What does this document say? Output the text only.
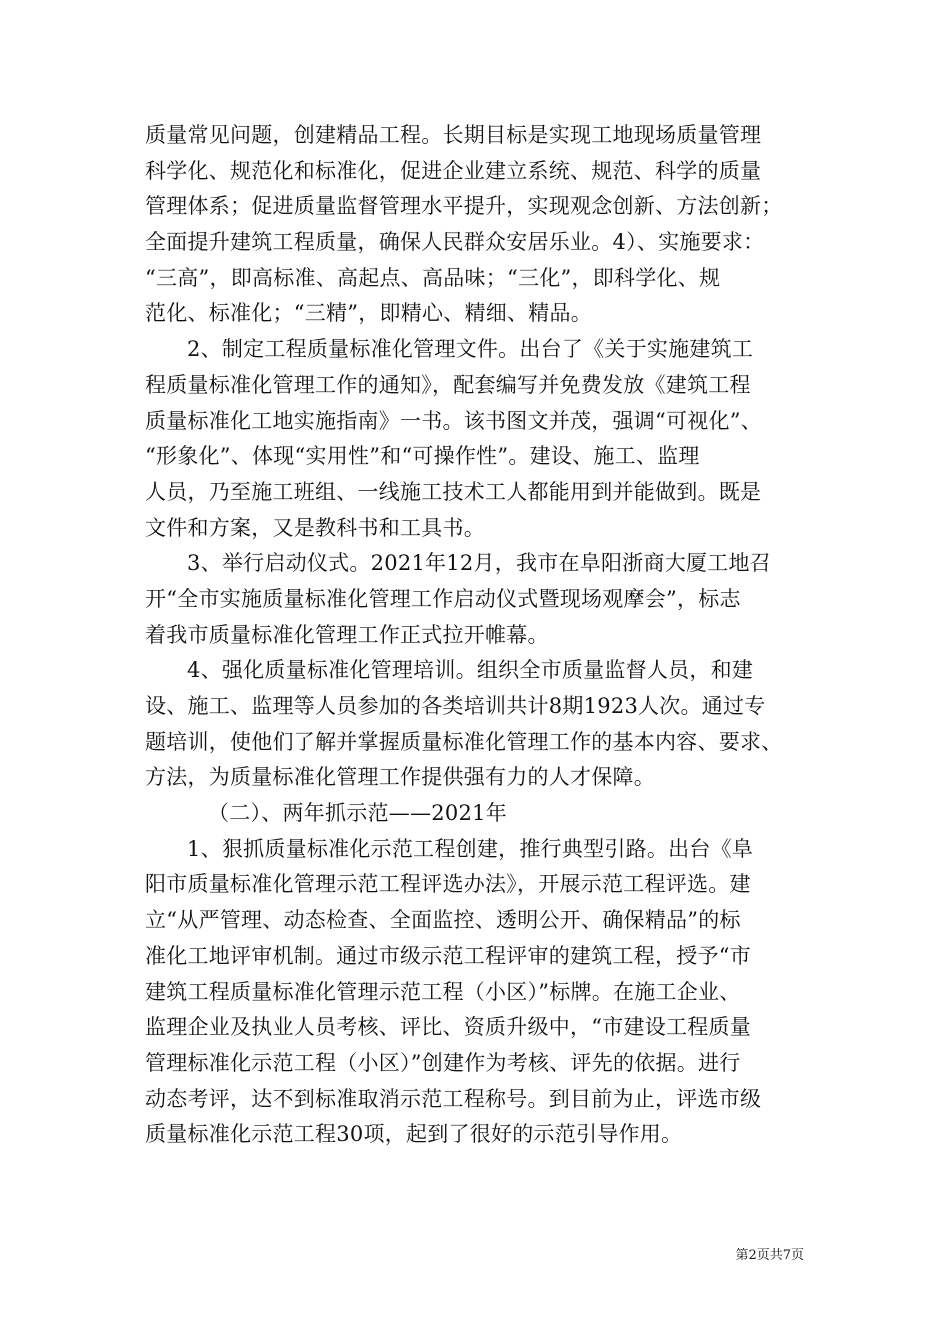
质量常见问题，创建精品工程。长期目标是实现工地现场质量管理
科学化、规范化和标准化，促进企业建立系统、规范、科学的质量
管理体系；促进质量监督管理水平提升，实现观念创新、方法创新；
全面提升建筑工程质量，确保人民群众安居乐业。4）、实施要求：
“三高”，即高标准、高起点、高品味；“三化”，即科学化、规
范化、标准化；“三精”，即精心、精细、精品。
2、制定工程质量标准化管理文件。出台了《关于实施建筑工
程质量标准化管理工作的通知》，配套编写并免费发放《建筑工程
质量标准化工地实施指南》一书。该书图文并茂，强调“可视化”、
“形象化”、体现“实用性”和“可操作性”。建设、施工、监理
人员，乃至施工班组、一线施工技术工人都能用到并能做到。既是
文件和方案，又是教科书和工具书。
3、举行启动仪式。2021年12月，我市在阜阳浙商大厦工地召
开“全市实施质量标准化管理工作启动仪式暨现场观摩会”，标志
着我市质量标准化管理工作正式拉开帷幕。
4、强化质量标准化管理培训。组织全市质量监督人员，和建
设、施工、监理等人员参加的各类培训共计8期1923人次。通过专
题培训，使他们了解并掌握质量标准化管理工作的基本内容、要求、
方法，为质量标准化管理工作提供强有力的人才保障。
（二）、两年抓示范——2021年
1、狠抓质量标准化示范工程创建，推行典型引路。出台《阜
阳市质量标准化管理示范工程评选办法》，开展示范工程评选。建
立“从严管理、动态检查、全面监控、透明公开、确保精品”的标
准化工地评审机制。通过市级示范工程评审的建筑工程，授予“市
建筑工程质量标准化管理示范工程（小区）”标牌。在施工企业、
监理企业及执业人员考核、评比、资质升级中，“市建设工程质量
管理标准化示范工程（小区）”创建作为考核、评先的依据。进行
动态考评，达不到标准取消示范工程称号。到目前为止，评选市级
质量标准化示范工程30项，起到了很好的示范引导作用。
第2页共7页
